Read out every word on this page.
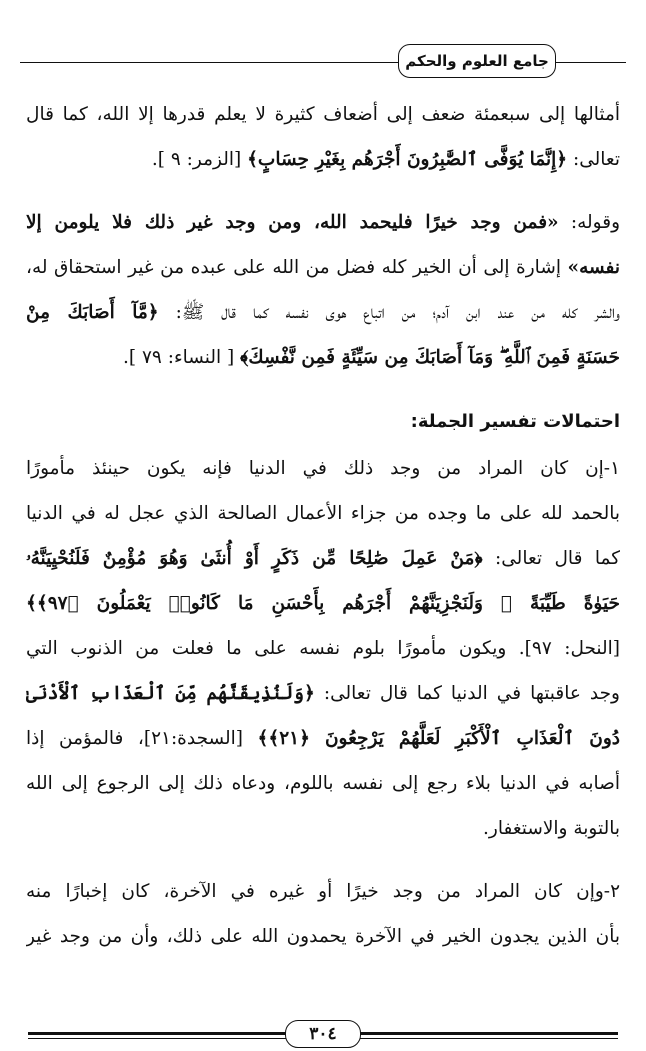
جامع العلوم والحكم
أمثالها إلى سبعمئة ضعف إلى أضعاف كثيرة لا يعلم قدرها إلا الله، كما قال
تعالى: ﴿إِنَّمَا يُوَفَّى ٱلصَّٰبِرُونَ أَجْرَهُم بِغَيْرِ حِسَابٍ﴾ [الزمر: ٩ ].
وقوله: «فمن وجد خيرًا فليحمد الله، ومن وجد غير ذلك فلا يلومن إلا
نفسه» إشارة إلى أن الخير كله فضل من الله على عبده من غير استحقاق له،
والشر كله من عند ابن آدم؛ من اتباع هوى نفسه كما قال ﷺ: ﴿مَّآ أَصَابَكَ مِنْ
حَسَنَةٍ فَمِنَ ٱللَّهِ ۖ وَمَآ أَصَابَكَ مِن سَيِّئَةٍ فَمِن نَّفْسِكَ﴾ [ النساء: ٧٩ ].
احتمالات تفسير الجملة:
١-إن كان المراد من وجد ذلك في الدنيا فإنه يكون حينئذ مأمورًا
بالحمد لله على ما وجده من جزاء الأعمال الصالحة الذي عجل له في الدنيا
كما قال تعالى: ﴿مَنْ عَمِلَ صَٰلِحًا مِّن ذَكَرٍ أَوْ أُنثَىٰ وَهُوَ مُؤْمِنٌ فَلَنُحْيِيَنَّهُۥ
حَيَوٰةً طَيِّبَةً ۖ وَلَنَجْزِيَنَّهُمْ أَجْرَهُم بِأَحْسَنِ مَا كَانُوا۟ يَعْمَلُونَ ﴿٩٧﴾﴾
[النحل: ٩٧]. ويكون مأمورًا بلوم نفسه على ما فعلت من الذنوب التي
وجد عاقبتها في الدنيا كما قال تعالى: ﴿وَلَنُذِيقَنَّهُم مِّنَ ٱلْعَذَابِ ٱلْأَدْنَىٰ
دُونَ ٱلْعَذَابِ ٱلْأَكْبَرِ لَعَلَّهُمْ يَرْجِعُونَ ﴿٢١﴾﴾ [السجدة:٢١]، فالمؤمن إذا
أصابه في الدنيا بلاء رجع إلى نفسه باللوم، ودعاه ذلك إلى الرجوع إلى الله
بالتوبة والاستغفار.
٢-وإن كان المراد من وجد خيرًا أو غيره في الآخرة، كان إخبارًا منه
بأن الذين يجدون الخير في الآخرة يحمدون الله على ذلك، وأن من وجد غير
٣٠٤
